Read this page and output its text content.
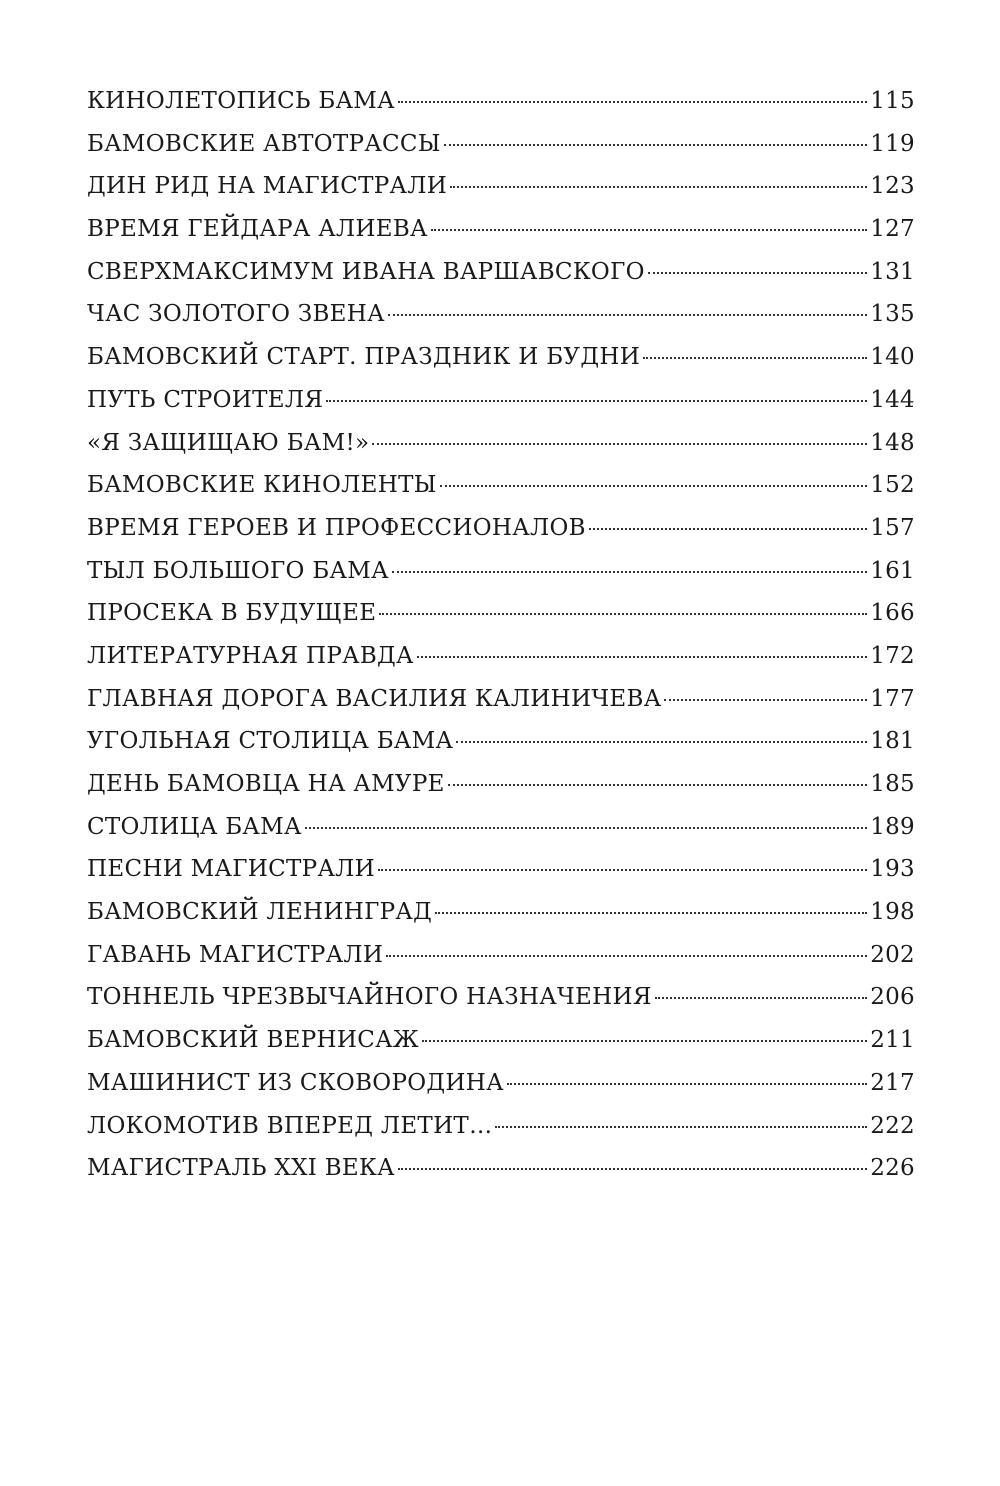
КИНОЛЕТОПИСЬ БАМА	115
БАМОВСКИЕ АВТОТРАССЫ	119
ДИН РИД НА МАГИСТРАЛИ	123
ВРЕМЯ ГЕЙДАРА АЛИЕВА	127
СВЕРХМАКСИМУМ ИВАНА ВАРШАВСКОГО	131
ЧАС ЗОЛОТОГО ЗВЕНА	135
БАМОВСКИЙ СТАРТ. ПРАЗДНИК И БУДНИ	140
ПУТЬ СТРОИТЕЛЯ	144
«Я ЗАЩИЩАЮ БАМ!»	148
БАМОВСКИЕ КИНОЛЕНТЫ	152
ВРЕМЯ ГЕРОЕВ И ПРОФЕССИОНАЛОВ	157
ТЫЛ БОЛЬШОГО БАМА	161
ПРОСЕКА В БУДУЩЕЕ	166
ЛИТЕРАТУРНАЯ ПРАВДА	172
ГЛАВНАЯ ДОРОГА ВАСИЛИЯ КАЛИНИЧЕВА	177
УГОЛЬНАЯ СТОЛИЦА БАМА	181
ДЕНЬ БАМОВЦА НА АМУРЕ	185
СТОЛИЦА БАМА	189
ПЕСНИ МАГИСТРАЛИ	193
БАМОВСКИЙ ЛЕНИНГРАД	198
ГАВАНЬ МАГИСТРАЛИ	202
ТОННЕЛЬ ЧРЕЗВЫЧАЙНОГО НАЗНАЧЕНИЯ	206
БАМОВСКИЙ ВЕРНИСАЖ	211
МАШИНИСТ ИЗ СКОВОРОДИНА	217
ЛОКОМОТИВ ВПЕРЕД ЛЕТИТ…	222
МАГИСТРАЛЬ XXI ВЕКА	226
